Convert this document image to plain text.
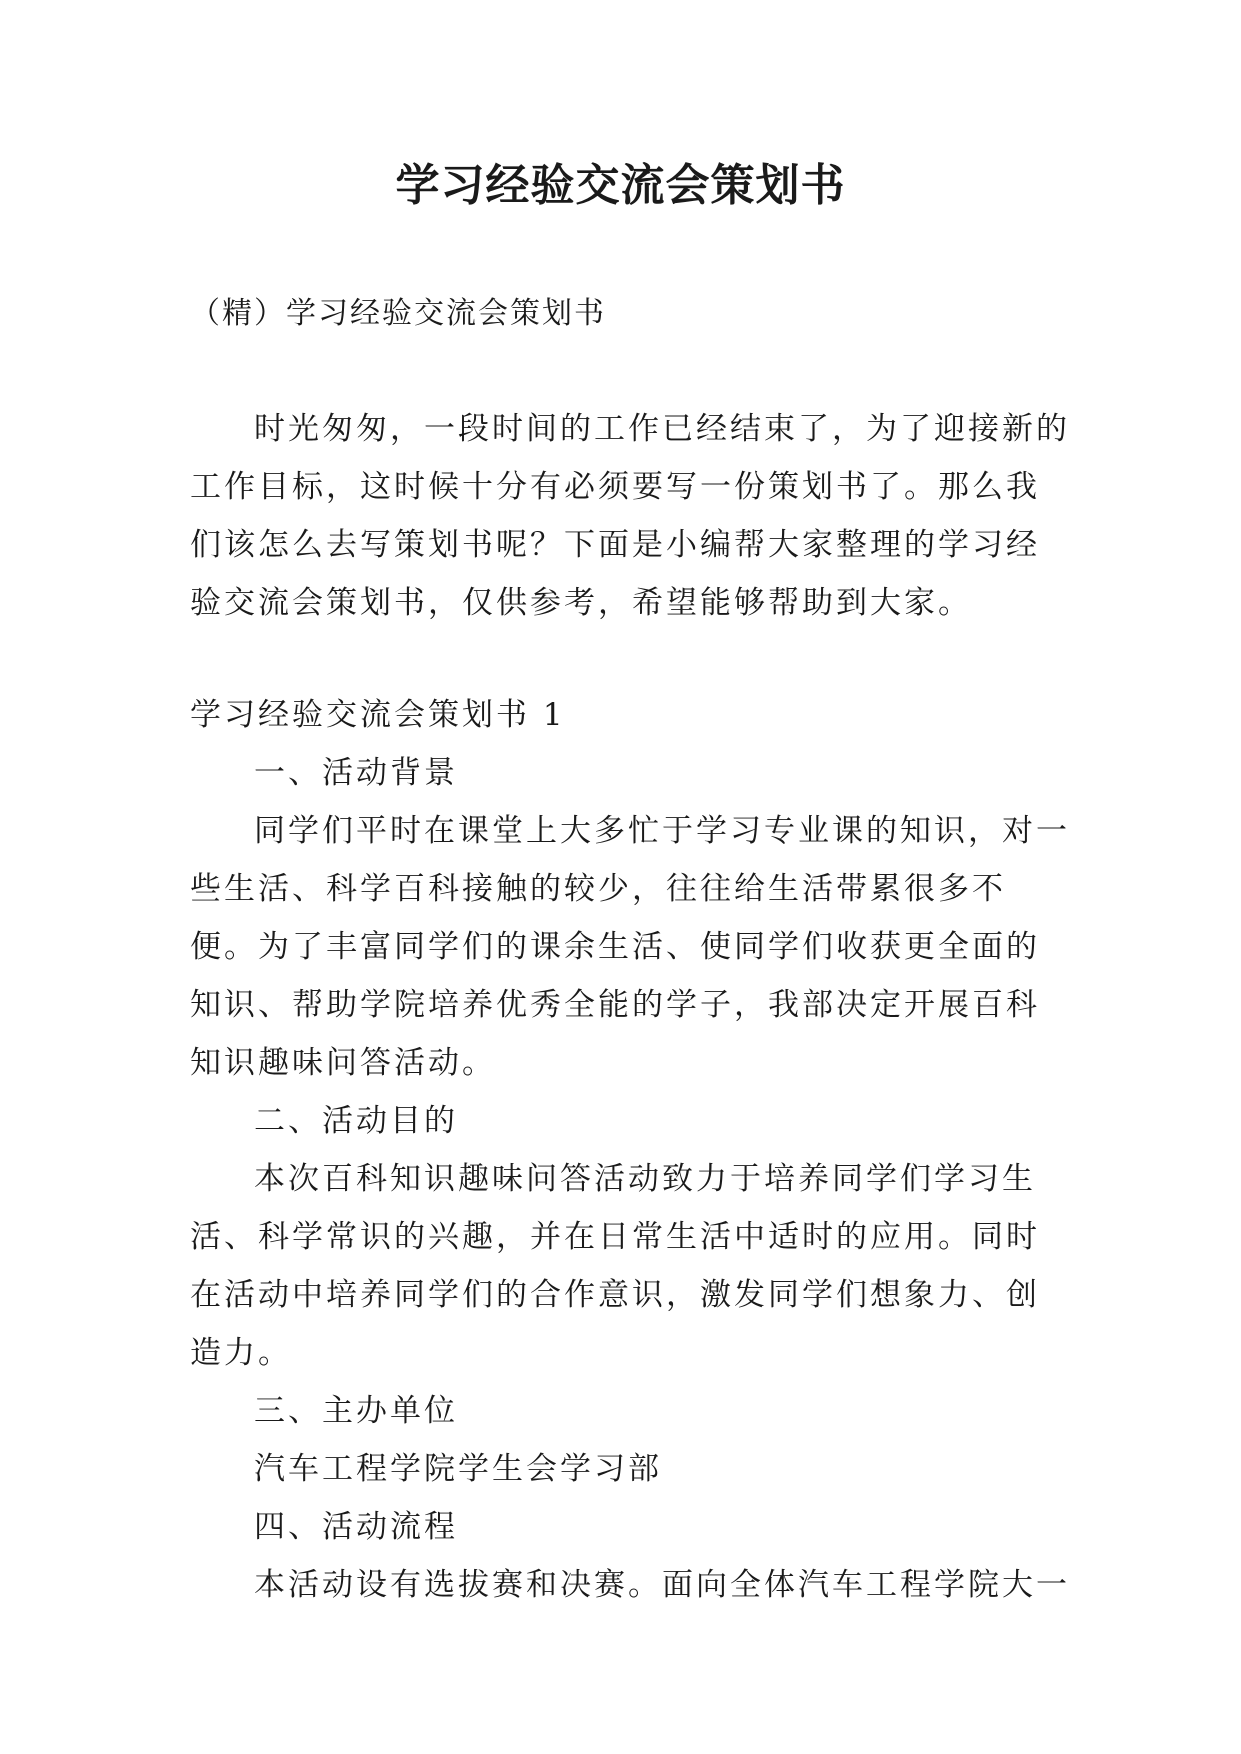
学习经验交流会策划书
（精）学习经验交流会策划书

时光匆匆，一段时间的工作已经结束了，为了迎接新的工作目标，这时候十分有必须要写一份策划书了。那么我们该怎么去写策划书呢？下面是小编帮大家整理的学习经验交流会策划书，仅供参考，希望能够帮助到大家。

学习经验交流会策划书 1

一、活动背景

同学们平时在课堂上大多忙于学习专业课的知识，对一些生活、科学百科接触的较少，往往给生活带累很多不便。为了丰富同学们的课余生活、使同学们收获更全面的知识、帮助学院培养优秀全能的学子，我部决定开展百科知识趣味问答活动。

二、活动目的

本次百科知识趣味问答活动致力于培养同学们学习生活、科学常识的兴趣，并在日常生活中适时的应用。同时在活动中培养同学们的合作意识，激发同学们想象力、创造力。

三、主办单位

汽车工程学院学生会学习部

四、活动流程

本活动设有选拔赛和决赛。面向全体汽车工程学院大一
